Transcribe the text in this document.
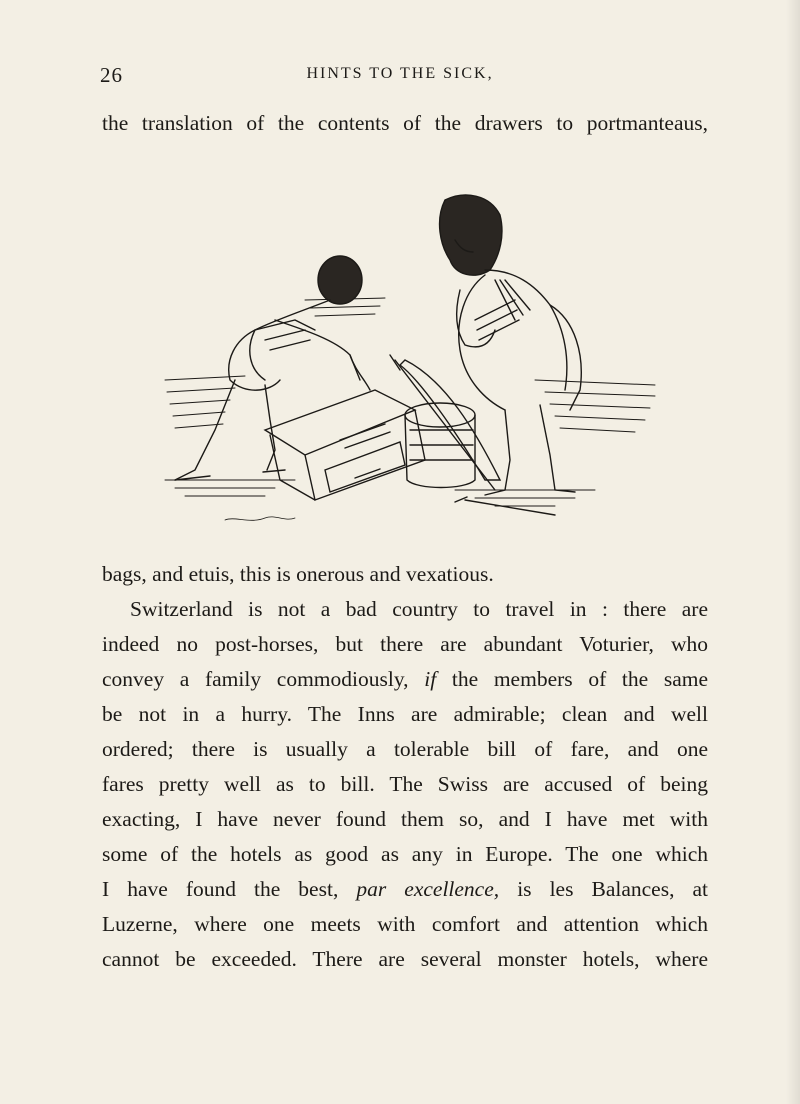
26	HINTS TO THE SICK,
the translation of the contents of the drawers to portmanteaus,
bags, and etuis, this is onerous and vexatious.
Switzerland is not a bad country to travel in : there are
indeed no post-horses, but there are abundant Voturier, who
convey a family commodiously, if the members of the same
be not in a hurry. The Inns are admirable; clean and well
ordered; there is usually a tolerable bill of fare, and one
fares pretty well as to bill. The Swiss are accused of being
exacting, I have never found them so, and I have met with
some of the hotels as good as any in Europe. The one which
I have found the best, par excellence, is les Balances, at
Luzerne, where one meets with comfort and attention which
cannot be exceeded. There are several monster hotels, where
